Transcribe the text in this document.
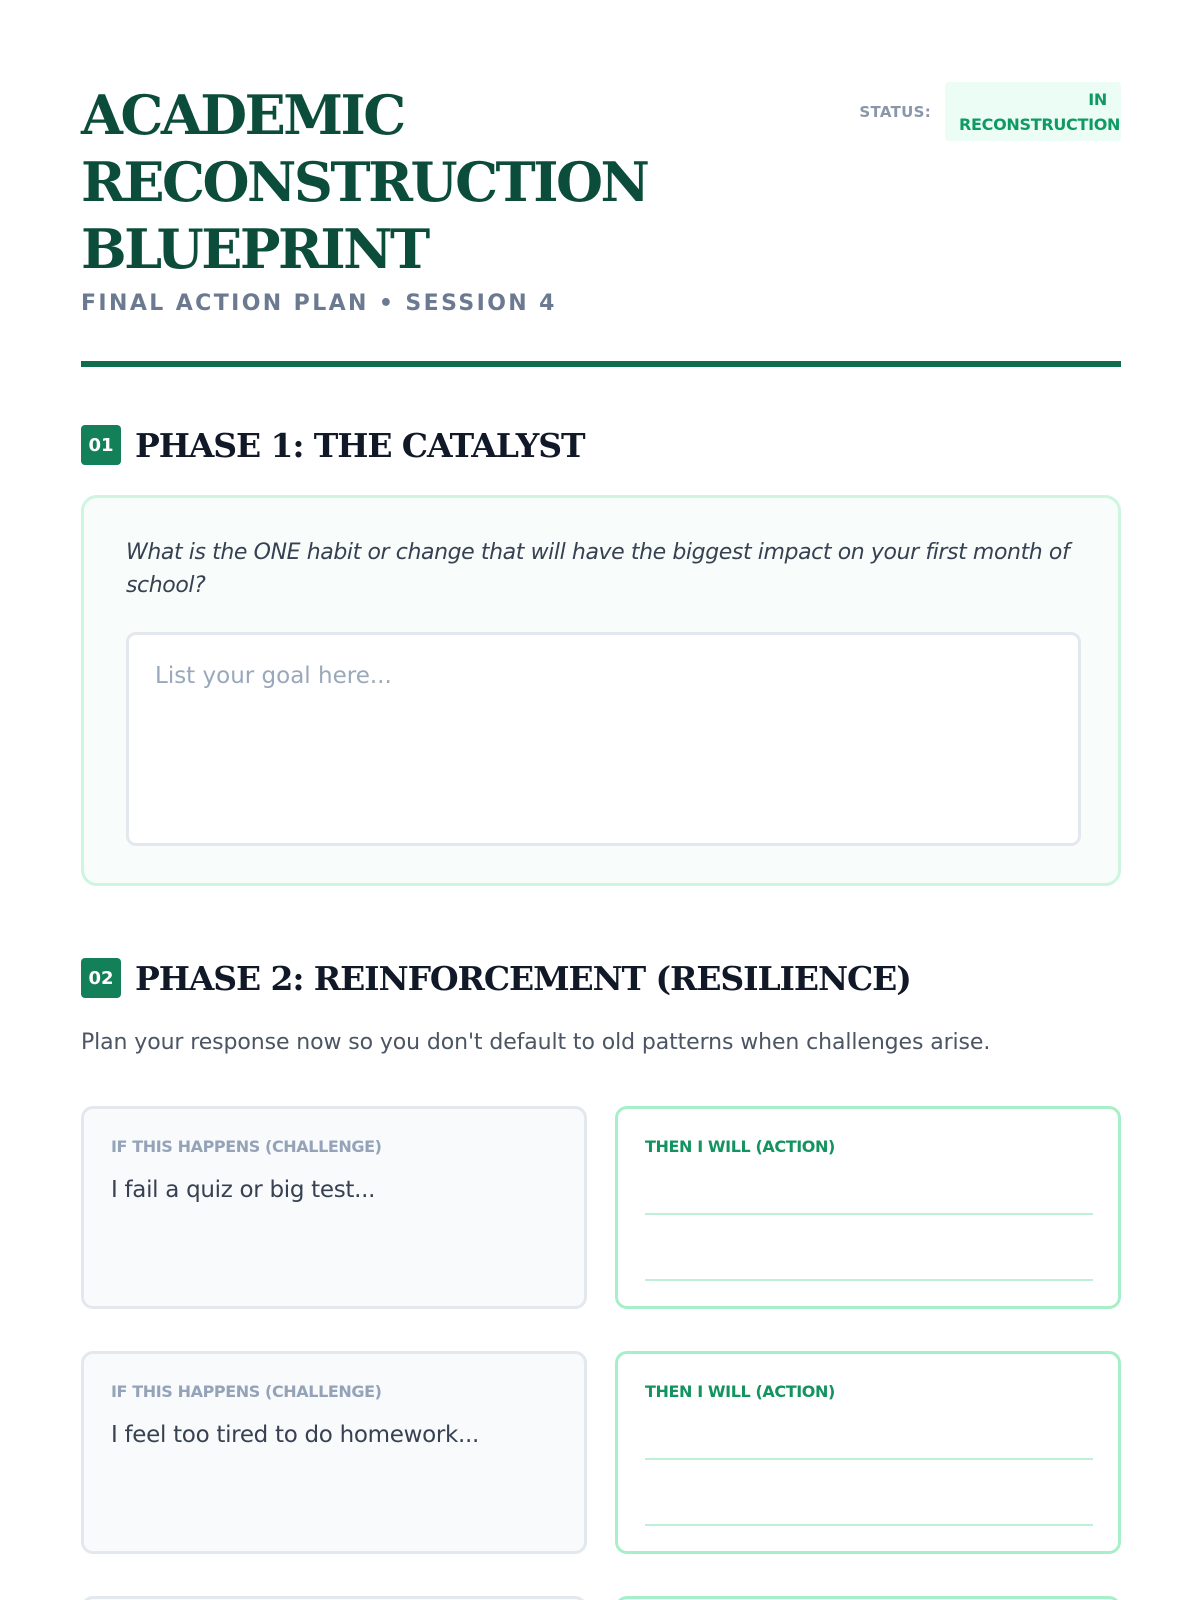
ACADEMIC RECONSTRUCTION BLUEPRINT
FINAL ACTION PLAN • SESSION 4
STATUS:
IN RECONSTRUCTION
01 PHASE 1: THE CATALYST

What is the ONE habit or change that will have the biggest impact on your first month of school?

List your goal here...
02 PHASE 2: REINFORCEMENT (RESILIENCE)

Plan your response now so you don't default to old patterns when challenges arise.

IF THIS HAPPENS (CHALLENGE)

I fail a quiz or big test...

THEN I WILL (ACTION)
IF THIS HAPPENS (CHALLENGE)

I feel too tired to do homework...

THEN I WILL (ACTION)
